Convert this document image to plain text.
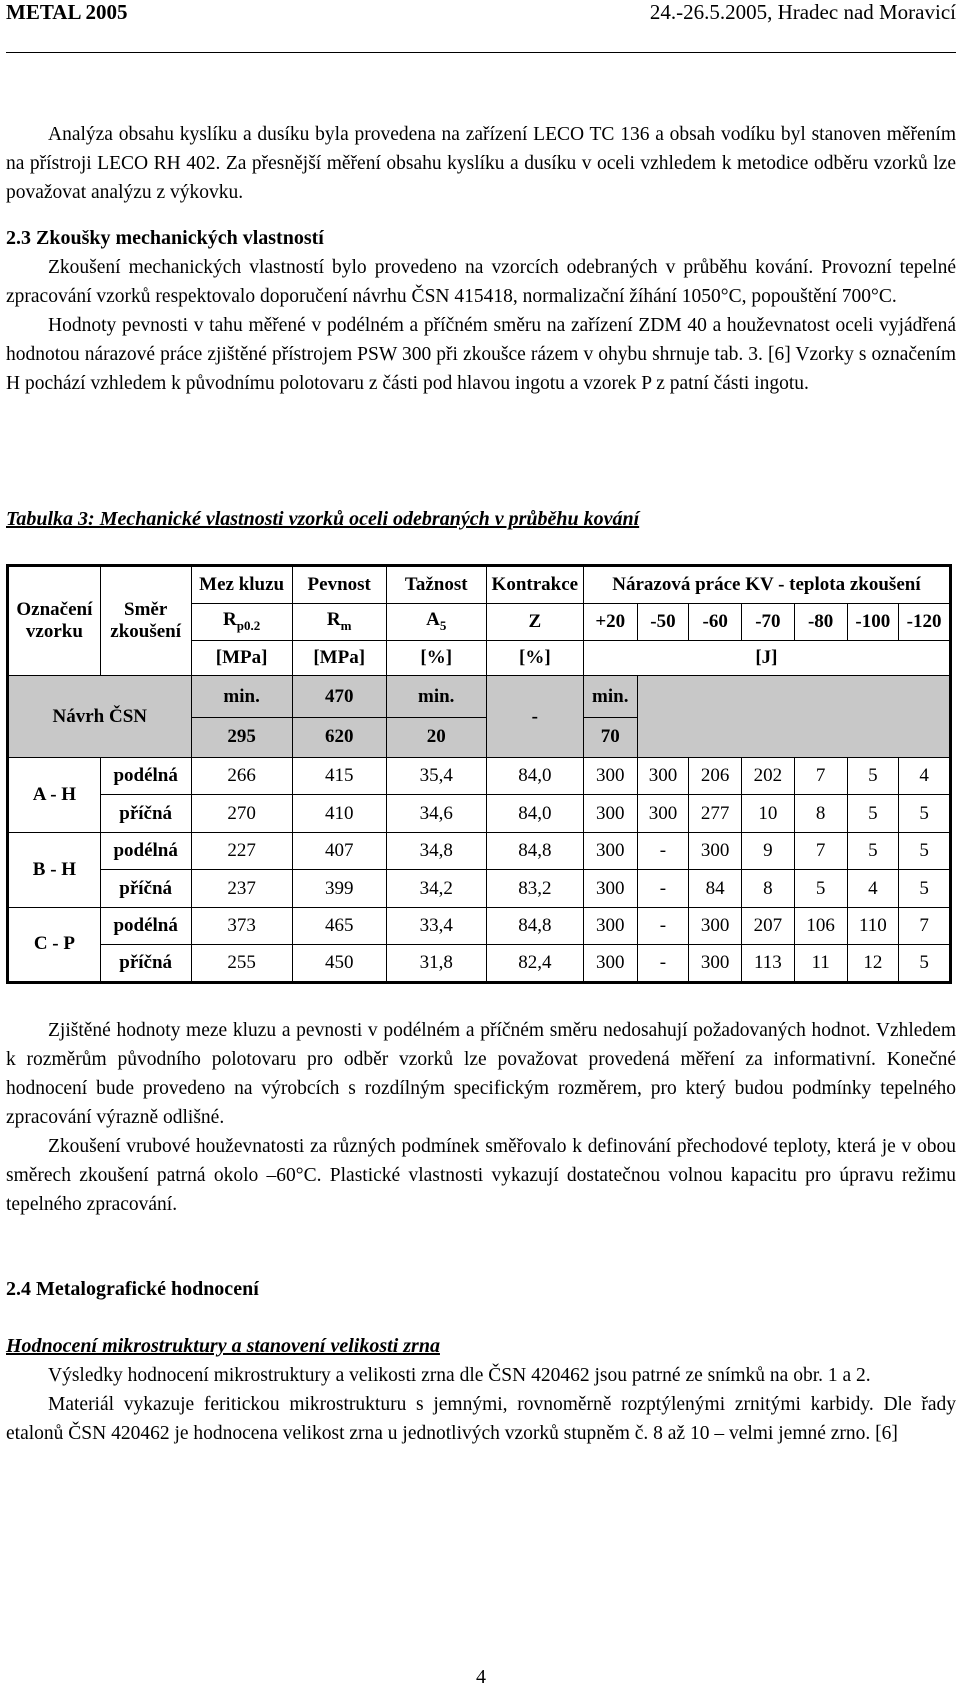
METAL 2005	24.-26.5.2005, Hradec nad Moravicí

Analýza obsahu kyslíku a dusíku byla provedena na zařízení LECO TC 136 a obsah vodíku byl stanoven měřením na přístroji LECO RH 402. Za přesnější měření obsahu kyslíku a dusíku v oceli vzhledem k metodice odběru vzorků lze považovat analýzu z výkovku.

2.3 Zkoušky mechanických vlastností

Zkoušení mechanických vlastností bylo provedeno na vzorcích odebraných v průběhu kování. Provozní tepelné zpracování vzorků respektovalo doporučení návrhu ČSN 415418, normalizační žíhání 1050°C, popouštění 700°C.

Hodnoty pevnosti v tahu měřené v podélném a příčném směru na zařízení ZDM 40 a houževnatost oceli vyjádřená hodnotou nárazové práce zjištěné přístrojem PSW 300 při zkoušce rázem v ohybu shrnuje tab. 3. [6] Vzorky s označením H pochází vzhledem k původnímu polotovaru z části pod hlavou ingotu a vzorek P z patní části ingotu.

Tabulka 3: Mechanické vlastnosti vzorků oceli odebraných v průběhu kování
Označení vzorku	Směr zkoušení	Mez kluzu	Pevnost	Tažnost	Kontrakce	Nárazová práce KV - teplota zkoušení						
		$R_{p0.2}$	$R_m$	$A_5$	Z	+20	-50	-60	-70	-80	-100	-120
		[MPa]	[MPa]	[%]	[%]	[J]						
Návrh ČSN		min.	470	min.	-	min.						
		295	620	20		70						
A - H	podélná	266	415	35,4	84,0	300	300	206	202	7	5	4
	příčná	270	410	34,6	84,0	300	300	277	10	8	5	5
B - H	podélná	227	407	34,8	84,8	300	-	300	9	7	5	5
	příčná	237	399	34,2	83,2	300	-	84	8	5	4	5
C - P	podélná	373	465	33,4	84,8	300	-	300	207	106	110	7
	příčná	255	450	31,8	82,4	300	-	300	113	11	12	5

Zjištěné hodnoty meze kluzu a pevnosti v podélném a příčném směru nedosahují požadovaných hodnot. Vzhledem k rozměrům původního polotovaru pro odběr vzorků lze považovat provedená měření za informativní. Konečné hodnocení bude provedeno na výrobcích s rozdílným specifickým rozměrem, pro který budou podmínky tepelného zpracování výrazně odlišné.

Zkoušení vrubové houževnatosti za různých podmínek směřovalo k definování přechodové teploty, která je v obou směrech zkoušení patrná okolo –60°C. Plastické vlastnosti vykazují dostatečnou volnou kapacitu pro úpravu režimu tepelného zpracování.

2.4 Metalografické hodnocení
Hodnocení mikrostruktury a stanovení velikosti zrna

Výsledky hodnocení mikrostruktury a velikosti zrna dle ČSN 420462 jsou patrné ze snímků na obr. 1 a 2.

Materiál vykazuje feritickou mikrostrukturu s jemnými, rovnoměrně rozptýlenými zrnitými karbidy. Dle řady etalonů ČSN 420462 je hodnocena velikost zrna u jednotlivých vzorků stupněm č. 8 až 10 – velmi jemné zrno. [6]

4
